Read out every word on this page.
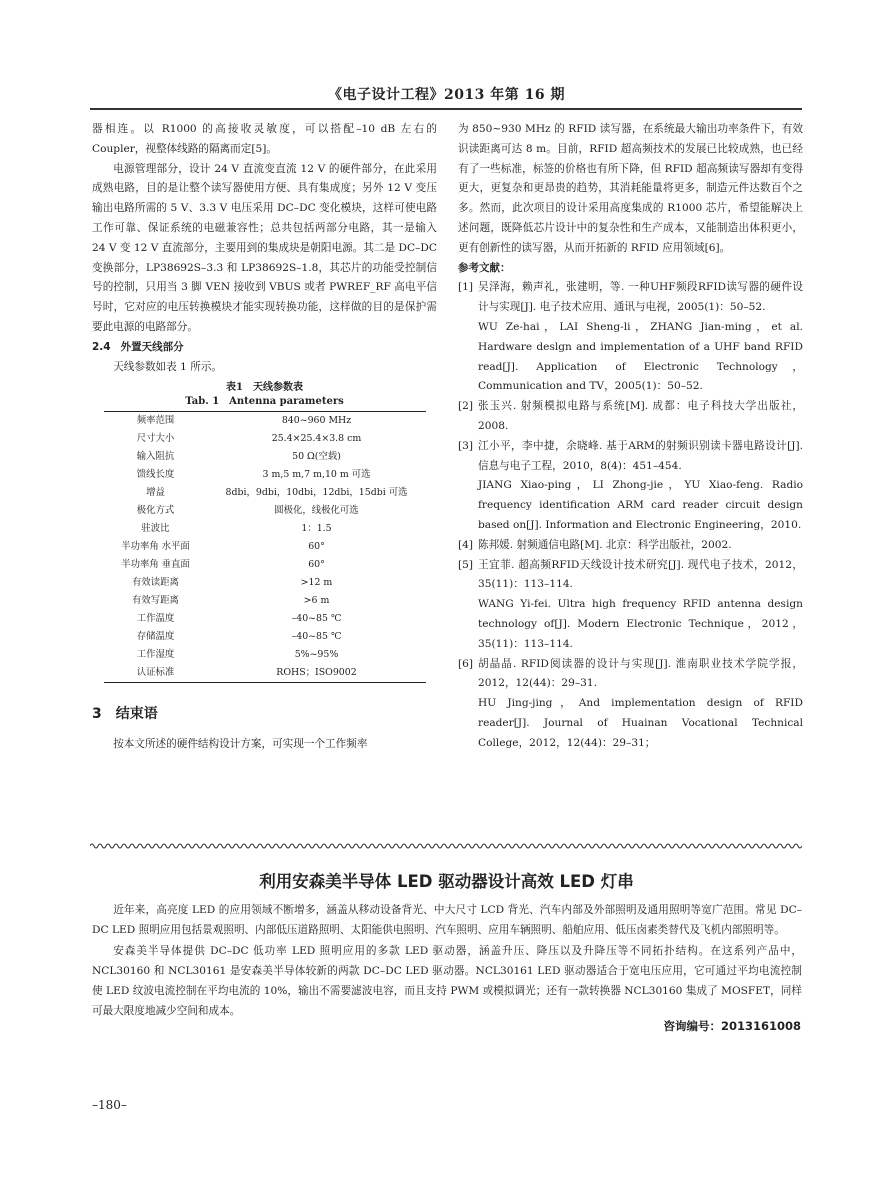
《电子设计工程》2013 年第 16 期

器相连。以 R1000 的高接收灵敏度，可以搭配–10 dB 左右的 Coupler，视整体线路的隔离而定[5]。

电源管理部分，设计 24 V 直流变直流 12 V 的硬件部分，在此采用成熟电路，目的是让整个读写器使用方便、具有集成度；另外 12 V 变压输出电路所需的 5 V、3.3 V 电压采用 DC–DC 变化模块，这样可使电路工作可靠、保证系统的电磁兼容性；总共包括两部分电路，其一是输入 24 V 变 12 V 直流部分，主要用到的集成块是朝阳电源。其二是 DC–DC 变换部分，LP38692S–3.3 和 LP38692S–1.8，其芯片的功能受控制信号的控制，只用当 3 脚 VEN 接收到 VBUS 或者 PWREF_RF 高电平信号时，它对应的电压转换模块才能实现转换功能，这样做的目的是保护需要此电源的电路部分。

2.4 外置天线部分

天线参数如表 1 所示。

表1　天线参数表
Tab. 1　Antenna parameters
频率范围	840~960 MHz
尺寸大小	25.4×25.4×3.8 cm
输入阻抗	50 Ω(空载)
馈线长度	3 m,5 m,7 m,10 m 可选
增益	8dbi，9dbi，10dbi，12dbi，15dbi 可选
极化方式	圆极化，线极化可选
驻波比	1：1.5
半功率角 水平面	60°
半功率角 垂直面	60°
有效读距离	>12 m
有效写距离	>6 m
工作温度	–40~85 ℃
存储温度	–40~85 ℃
工作湿度	5%~95%
认证标准	ROHS；ISO9002
3 结束语

按本文所述的硬件结构设计方案，可实现一个工作频率

为 850~930 MHz 的 RFID 读写器，在系统最大输出功率条件下，有效识读距离可达 8 m。目前，RFID 超高频技术的发展已比较成熟，也已经有了一些标准，标签的价格也有所下降，但 RFID 超高频读写器却有变得更大，更复杂和更昂贵的趋势，其消耗能量将更多，制造元件达数百个之多。然而，此次项目的设计采用高度集成的 R1000 芯片，希望能解决上述问题，既降低芯片设计中的复杂性和生产成本，又能制造出体积更小，更有创新性的读写器，从而开拓新的 RFID 应用领域[6]。

参考文献：
[1] 吴泽海，赖声礼，张建明，等. 一种UHF频段RFID读写器的硬件设计与实现[J]. 电子技术应用、通讯与电视，2005(1)：50–52.
WU Ze-hai，LAI Sheng-li，ZHANG Jian-ming，et al. Hardware deslgn and implementation of a UHF band RFID read[J]. Application of Electronic Technology，Communication and TV，2005(1)：50–52.
[2] 张玉兴. 射频模拟电路与系统[M]. 成都：电子科技大学出版社，2008.
[3] 江小平，李中捷，余晓峰. 基于ARM的射频识别读卡器电路设计[J]. 信息与电子工程，2010，8(4)：451–454.
JIANG Xiao-ping，LI Zhong-jie，YU Xiao-feng. Radio frequency identification ARM card reader circuit design based on[J]. Information and Electronic Engineering，2010.
[4] 陈邦媛. 射频通信电路[M]. 北京：科学出版社，2002.
[5] 王宜菲. 超高频RFID天线设计技术研究[J]. 现代电子技术，2012，35(11)：113–114.
WANG Yi-fei. Ultra high frequency RFID antenna design technology of[J]. Modern Electronic Technique，2012，35(11)：113–114.
[6] 胡晶晶. RFID阅读器的设计与实现[J]. 淮南职业技术学院学报，2012，12(44)：29–31.
HU Jing-jing，And implementation design of RFID reader[J]. Journal of Huainan Vocational Technical College，2012，12(44)：29–31；
利用安森美半导体 LED 驱动器设计高效 LED 灯串

近年来，高亮度 LED 的应用领域不断增多，涵盖从移动设备背光、中大尺寸 LCD 背光、汽车内部及外部照明及通用照明等宽广范围。常见 DC–DC LED 照明应用包括景观照明、内部低压道路照明、太阳能供电照明、汽车照明、应用车辆照明、船舶应用、低压卤素类替代及飞机内部照明等。

安森美半导体提供 DC–DC 低功率 LED 照明应用的多款 LED 驱动器，涵盖升压、降压以及升降压等不同拓扑结构。在这系列产品中，NCL30160 和 NCL30161 是安森美半导体较新的两款 DC–DC LED 驱动器。NCL30161 LED 驱动器适合于宽电压应用，它可通过平均电流控制使 LED 纹波电流控制在平均电流的 10%，输出不需要滤波电容，而且支持 PWM 或模拟调光；还有一款转换器 NCL30160 集成了 MOSFET，同样可最大限度地减少空间和成本。

咨询编号：2013161008
–180–
